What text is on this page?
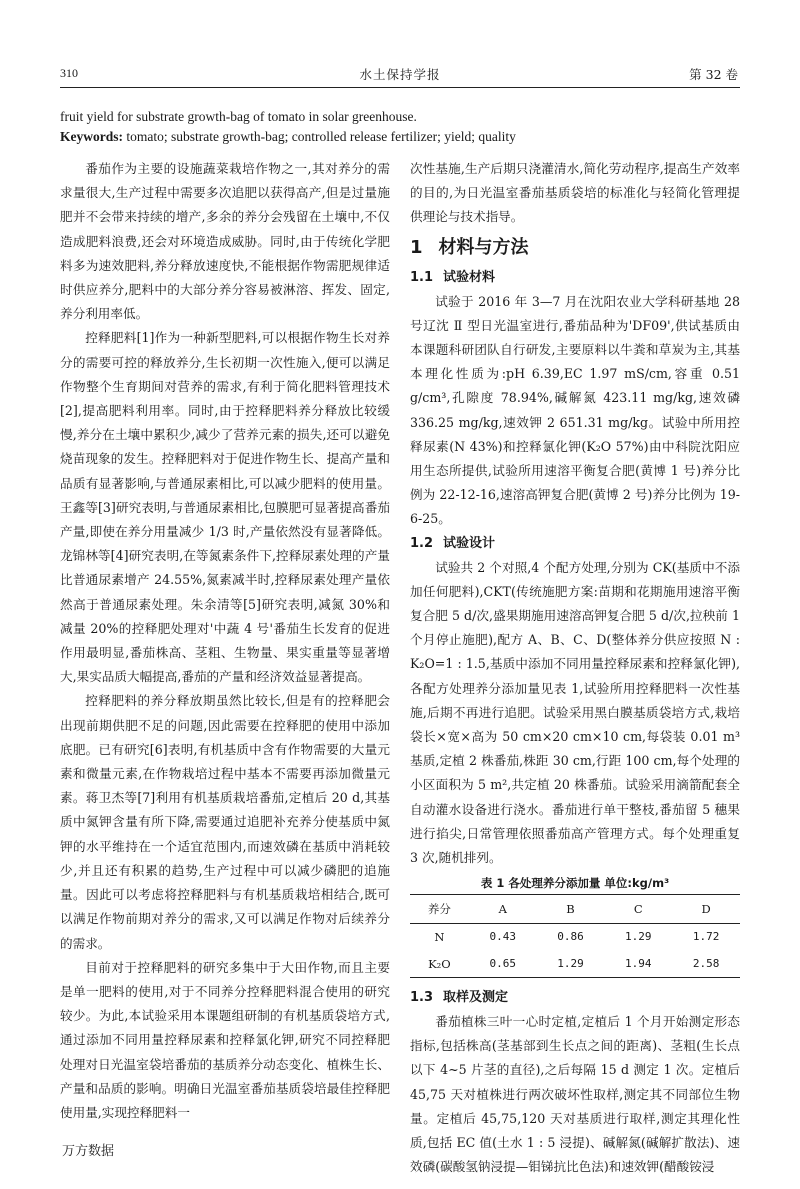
310	水土保持学报	第 32 卷
fruit yield for substrate growth-bag of tomato in solar greenhouse.
Keywords: tomato; substrate growth-bag; controlled release fertilizer; yield; quality

番茄作为主要的设施蔬菜栽培作物之一,其对养分的需求量很大,生产过程中需要多次追肥以获得高产,但是过量施肥并不会带来持续的增产,多余的养分会残留在土壤中,不仅造成肥料浪费,还会对环境造成威胁。同时,由于传统化学肥料多为速效肥料,养分释放速度快,不能根据作物需肥规律适时供应养分,肥料中的大部分养分容易被淋溶、挥发、固定,养分利用率低。

控释肥料[1]作为一种新型肥料,可以根据作物生长对养分的需要可控的释放养分,生长初期一次性施入,便可以满足作物整个生育期间对营养的需求,有利于简化肥料管理技术[2],提高肥料利用率。同时,由于控释肥料养分释放比较缓慢,养分在土壤中累积少,减少了营养元素的损失,还可以避免烧苗现象的发生。控释肥料对于促进作物生长、提高产量和品质有显著影响,与普通尿素相比,可以减少肥料的使用量。王鑫等[3]研究表明,与普通尿素相比,包膜肥可显著提高番茄产量,即使在养分用量减少 1/3 时,产量依然没有显著降低。龙锦林等[4]研究表明,在等氮素条件下,控释尿素处理的产量比普通尿素增产 24.55%,氮素减半时,控释尿素处理产量依然高于普通尿素处理。朱余清等[5]研究表明,减氮 30%和减量 20%的控释肥处理对'中蔬 4 号'番茄生长发育的促进作用最明显,番茄株高、茎粗、生物量、果实重量等显著增大,果实品质大幅提高,番茄的产量和经济效益显著提高。

控释肥料的养分释放期虽然比较长,但是有的控释肥会出现前期供肥不足的问题,因此需要在控释肥的使用中添加底肥。已有研究[6]表明,有机基质中含有作物需要的大量元素和微量元素,在作物栽培过程中基本不需要再添加微量元素。蒋卫杰等[7]利用有机基质栽培番茄,定植后 20 d,其基质中氮钾含量有所下降,需要通过追肥补充养分使基质中氮钾的水平维持在一个适宜范围内,而速效磷在基质中消耗较少,并且还有积累的趋势,生产过程中可以减少磷肥的追施量。因此可以考虑将控释肥料与有机基质栽培相结合,既可以满足作物前期对养分的需求,又可以满足作物对后续养分的需求。

目前对于控释肥料的研究多集中于大田作物,而且主要是单一肥料的使用,对于不同养分控释肥料混合使用的研究较少。为此,本试验采用本课题组研制的有机基质袋培方式,通过添加不同用量控释尿素和控释氯化钾,研究不同控释肥处理对日光温室袋培番茄的基质养分动态变化、植株生长、产量和品质的影响。明确日光温室番茄基质袋培最佳控释肥使用量,实现控释肥料一

次性基施,生产后期只浇灌清水,简化劳动程序,提高生产效率的目的,为日光温室番茄基质袋培的标准化与轻简化管理提供理论与技术指导。

1 材料与方法
1.1 试验材料

试验于 2016 年 3—7 月在沈阳农业大学科研基地 28 号辽沈 Ⅱ 型日光温室进行,番茄品种为'DF09',供试基质由本课题科研团队自行研发,主要原料以牛粪和草炭为主,其基本理化性质为:pH 6.39,EC 1.97 mS/cm,容重 0.51 g/cm³,孔隙度 78.94%,碱解氮 423.11 mg/kg,速效磷 336.25 mg/kg,速效钾 2 651.31 mg/kg。试验中所用控释尿素(N 43%)和控释氯化钾(K₂O 57%)由中科院沈阳应用生态所提供,试验所用速溶平衡复合肥(黄博 1 号)养分比例为 22-12-16,速溶高钾复合肥(黄博 2 号)养分比例为 19-6-25。

1.2 试验设计

试验共 2 个对照,4 个配方处理,分别为 CK(基质中不添加任何肥料),CKT(传统施肥方案:苗期和花期施用速溶平衡复合肥 5 d/次,盛果期施用速溶高钾复合肥 5 d/次,拉秧前 1 个月停止施肥),配方 A、B、C、D(整体养分供应按照 N : K₂O=1 : 1.5,基质中添加不同用量控释尿素和控释氯化钾),各配方处理养分添加量见表 1,试验所用控释肥料一次性基施,后期不再进行追肥。试验采用黑白膜基质袋培方式,栽培袋长×宽×高为 50 cm×20 cm×10 cm,每袋装 0.01 m³ 基质,定植 2 株番茄,株距 30 cm,行距 100 cm,每个处理的小区面积为 5 m²,共定植 20 株番茄。试验采用滴箭配套全自动灌水设备进行浇水。番茄进行单干整枝,番茄留 5 穗果进行掐尖,日常管理依照番茄高产管理方式。每个处理重复 3 次,随机排列。

表 1 各处理养分添加量 单位:kg/m³
养分	A	B	C	D
N	0.43	0.86	1.29	1.72
K₂O	0.65	1.29	1.94	2.58
1.3 取样及测定

番茄植株三叶一心时定植,定植后 1 个月开始测定形态指标,包括株高(茎基部到生长点之间的距离)、茎粗(生长点以下 4~5 片茎的直径),之后每隔 15 d 测定 1 次。定植后 45,75 天对植株进行两次破坏性取样,测定其不同部位生物量。定植后 45,75,120 天对基质进行取样,测定其理化性质,包括 EC 值(土水 1 : 5 浸提)、碱解氮(碱解扩散法)、速效磷(碳酸氢钠浸提—钼锑抗比色法)和速效钾(醋酸铵浸

万方数据
